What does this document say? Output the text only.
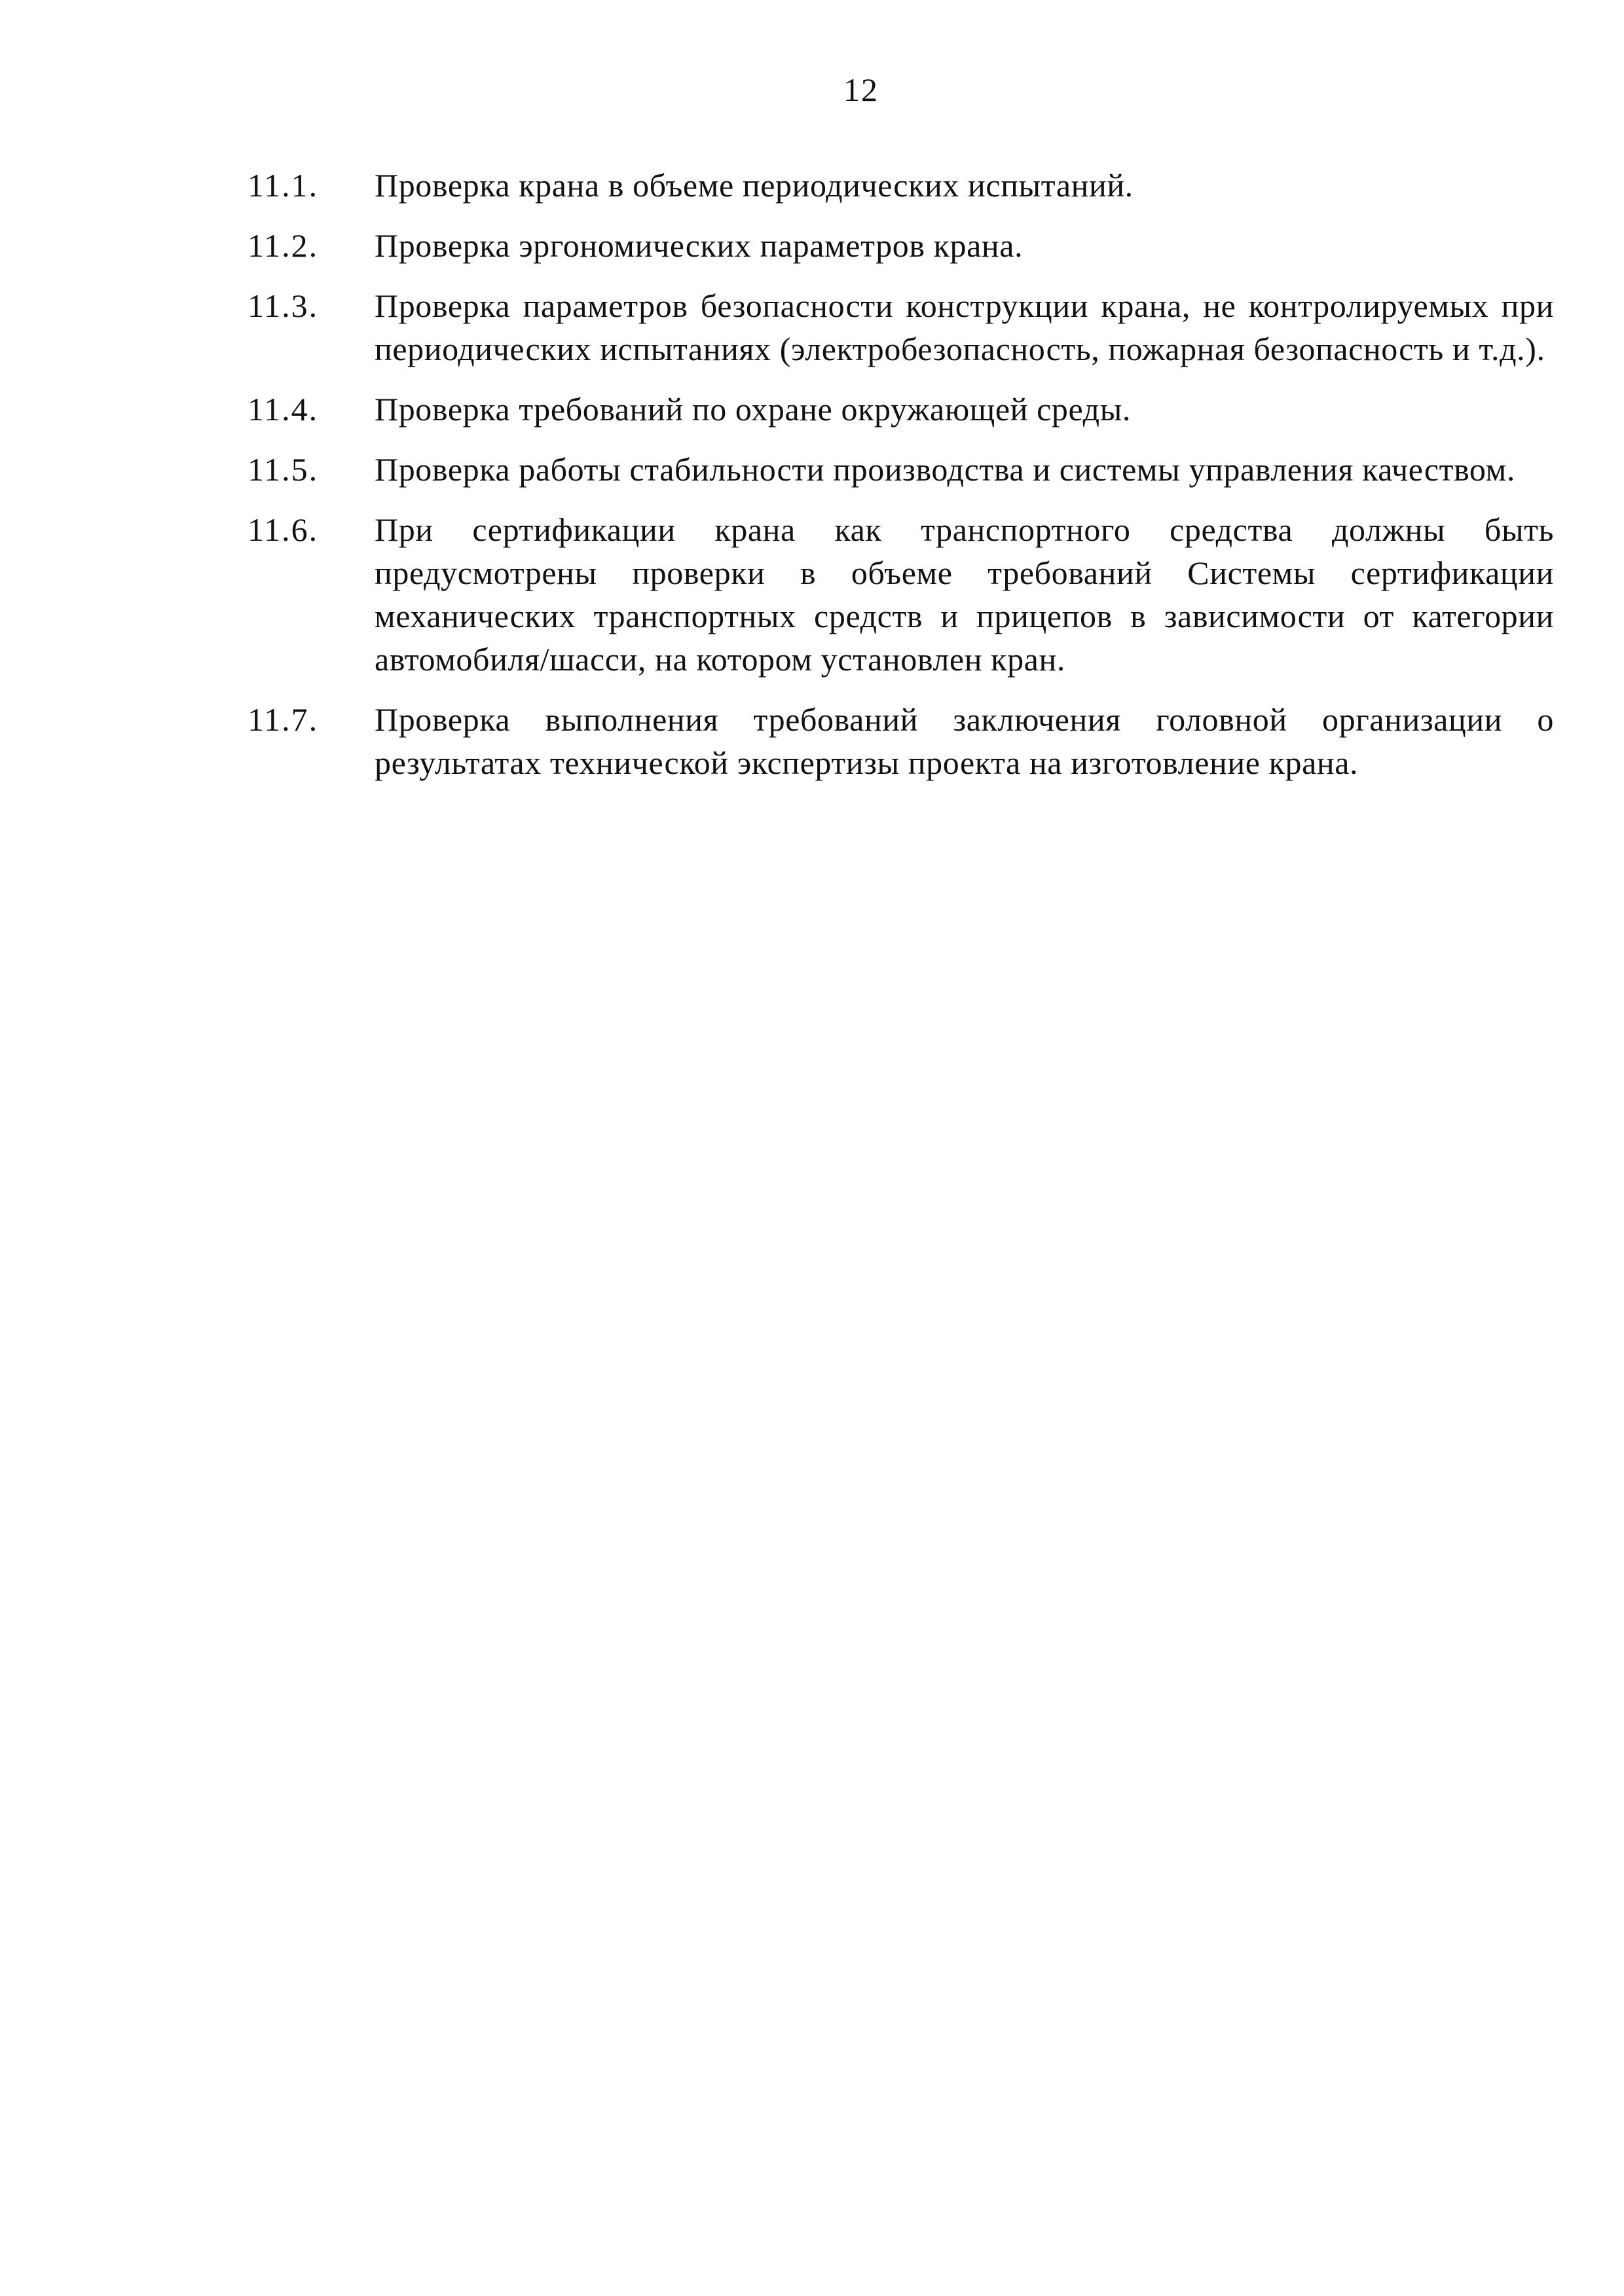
12
11.1.	Проверка крана в объеме периодических испытаний.
11.2.	Проверка эргономических параметров крана.
11.3.	Проверка параметров безопасности конструкции крана, не контролируемых при периодических испытаниях (электробезопасность, пожарная безопасность и т.д.).
11.4.	Проверка требований по охране окружающей среды.
11.5.	Проверка работы стабильности производства и системы управления качеством.
11.6.	При сертификации крана как транспортного средства должны быть предусмотрены проверки в объеме требований Системы сертификации механических транспортных средств и прицепов в зависимости от категории автомобиля/шасси, на котором установлен кран.
11.7.	Проверка выполнения требований заключения головной организации о результатах технической экспертизы проекта на изготовление крана.
